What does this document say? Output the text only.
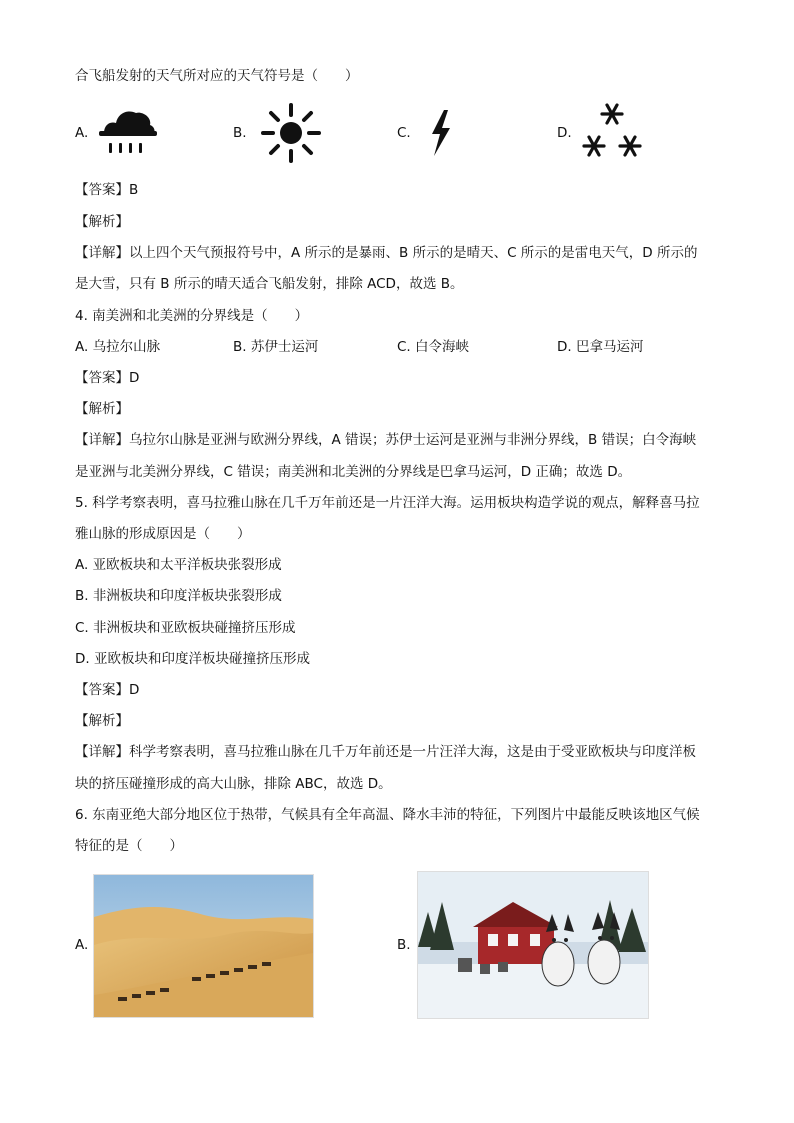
合飞船发射的天气所对应的天气符号是（　　）
A.	B.	C.	D.
【答案】B
【解析】
【详解】以上四个天气预报符号中，A 所示的是暴雨、B 所示的是晴天、C 所示的是雷电天气，D 所示的
是大雪，只有 B 所示的晴天适合飞船发射，排除 ACD，故选 B。
4. 南美洲和北美洲的分界线是（　　）
A. 乌拉尔山脉	B. 苏伊士运河	C. 白令海峡	D. 巴拿马运河
【答案】D
【解析】
【详解】乌拉尔山脉是亚洲与欧洲分界线，A 错误；苏伊士运河是亚洲与非洲分界线，B 错误；白令海峡
是亚洲与北美洲分界线，C 错误；南美洲和北美洲的分界线是巴拿马运河，D 正确；故选 D。
5. 科学考察表明，喜马拉雅山脉在几千万年前还是一片汪洋大海。运用板块构造学说的观点，解释喜马拉
雅山脉的形成原因是（　　）
A. 亚欧板块和太平洋板块张裂形成
B. 非洲板块和印度洋板块张裂形成
C. 非洲板块和亚欧板块碰撞挤压形成
D. 亚欧板块和印度洋板块碰撞挤压形成
【答案】D
【解析】
【详解】科学考察表明，喜马拉雅山脉在几千万年前还是一片汪洋大海，这是由于受亚欧板块与印度洋板
块的挤压碰撞形成的高大山脉，排除 ABC，故选 D。
6. 东南亚绝大部分地区位于热带，气候具有全年高温、降水丰沛的特征，下列图片中最能反映该地区气候
特征的是（　　）
A.	B.
